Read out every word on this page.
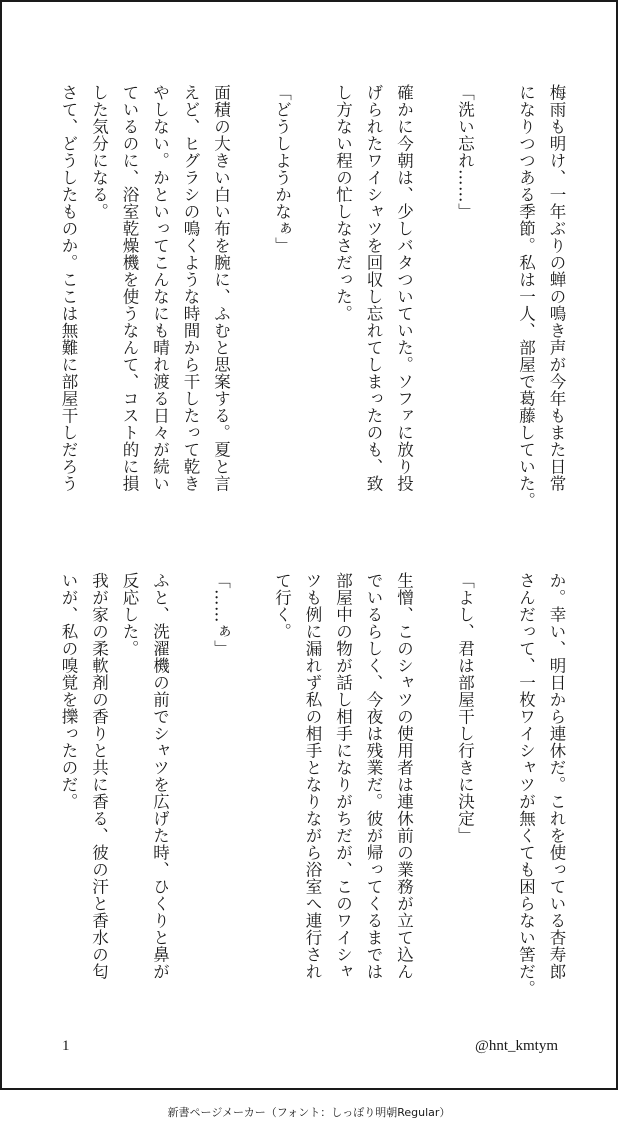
梅雨も明け、一年ぶりの蝉の鳴き声が今年もまた日常

になりつつある季節。私は一人、部屋で葛藤していた。

「洗い忘れ……」

確かに今朝は、少しバタついていた。ソファに放り投

げられたワイシャツを回収し忘れてしまったのも、致

し方ない程の忙しなさだった。

「どうしようかなぁ」

面積の大きい白い布を腕に、ふむと思案する。夏と言

えど、ヒグラシの鳴くような時間から干したって乾き

やしない。かといってこんなにも晴れ渡る日々が続い

ているのに、浴室乾燥機を使うなんて、コスト的に損

した気分になる。

さて、どうしたものか。ここは無難に部屋干しだろう

か。幸い、明日から連休だ。これを使っている杏寿郎

さんだって、一枚ワイシャツが無くても困らない筈だ。

「よし、君は部屋干し行きに決定」

生憎、このシャツの使用者は連休前の業務が立て込ん

でいるらしく、今夜は残業だ。彼が帰ってくるまでは

部屋中の物が話し相手になりがちだが、このワイシャ

ツも例に漏れず私の相手となりながら浴室へ連行され

て行く。

「……ぁ」

ふと、洗濯機の前でシャツを広げた時、ひくりと鼻が

反応した。

我が家の柔軟剤の香りと共に香る、彼の汗と香水の匂

いが、私の嗅覚を擽ったのだ。

1	@hnt_kmtym
新書ページメーカー（フォント：しっぽり明朝Regular）
